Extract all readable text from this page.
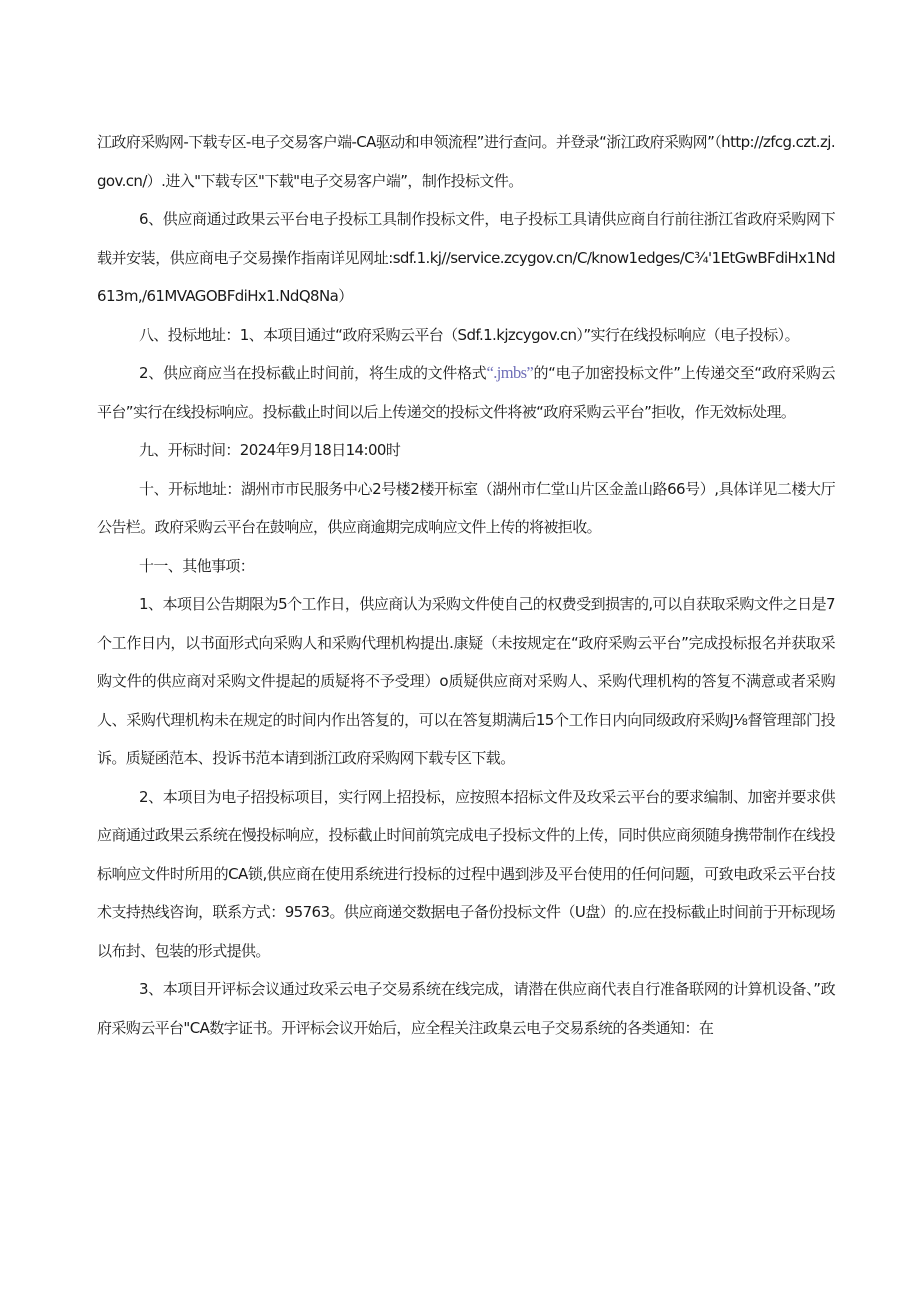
江政府采购网-下载专区-电子交易客户端-CA驱动和申领流程”进行查问。并登录“浙江政府采购网”（http://zfcg.czt.zj.gov.cn/）.进入"下载专区"下载"电子交易客户端”，制作投标文件。

6、供应商通过政果云平台电子投标工具制作投标文件，电子投标工具请供应商自行前往浙江省政府采购网下载并安装，供应商电子交易操作指南详见网址:sdf.1.kj∕∕service.zcygov.cn/C/know1edges∕C¾'1EtGwBFdiHx1Nd613m,∕61MVAGOBFdiHx1.NdQ8Na）

八、投标地址：1、本项目通过“政府采购云平台（Sdf.1.kjzcygov.cn）”实行在线投标响应（电子投标）。

2、供应商应当在投标截止时间前，将生成的文件格式“.jmbs”的“电子加密投标文件”上传递交至“政府采购云平台”实行在线投标响应。投标截止时间以后上传递交的投标文件将被“政府采购云平台”拒收，作无效标处理。

九、开标时间：2024年9月18日14:00时

十、开标地址：湖州市市民服务中心2号楼2楼开标室（湖州市仁堂山片区金盖山路66号）,具体详见二楼大厅公告栏。政府采购云平台在鼓响应，供应商逾期完成响应文件上传的将被拒收。

十一、其他事项：

1、本项目公告期限为5个工作日，供应商认为采购文件使自己的权费受到损害的,可以自获取采购文件之日是7个工作日内，以书面形式向采购人和采购代理机构提出.康疑（未按规定在“政府采购云平台”完成投标报名并获取采购文件的供应商对采购文件提起的质疑将不予受理）o质疑供应商对采购人、采购代理机构的答复不满意或者采购人、采购代理机构未在规定的时间内作出答复的，可以在答复期满后15个工作日内向同级政府采购J⅛督管理部门投诉。质疑函范本、投诉书范本请到浙江政府采购网下载专区下载。

2、本项目为电子招投标项目，实行网上招投标，应按照本招标文件及玫采云平台的要求编制、加密并要求供应商通过政果云系统在慢投标响应，投标截止时间前筑完成电子投标文件的上传，同时供应商须随身携带制作在线投标响应文件时所用的CA锁,供应商在使用系统进行投标的过程中遇到涉及平台使用的任何问题，可致电政采云平台技术支持热线咨询，联系方式：95763。供应商递交数据电子备份投标文件（U盘）的.应在投标截止时间前于开标现场以布封、包装的形式提供。

3、本项目开评标会议通过玫采云电子交易系统在线完成，请潜在供应商代表自行准备联网的计算机设备、”政府采购云平台"CA数字证书。开评标会议开始后，应全程关注政臬云电子交易系统的各类通知：在
